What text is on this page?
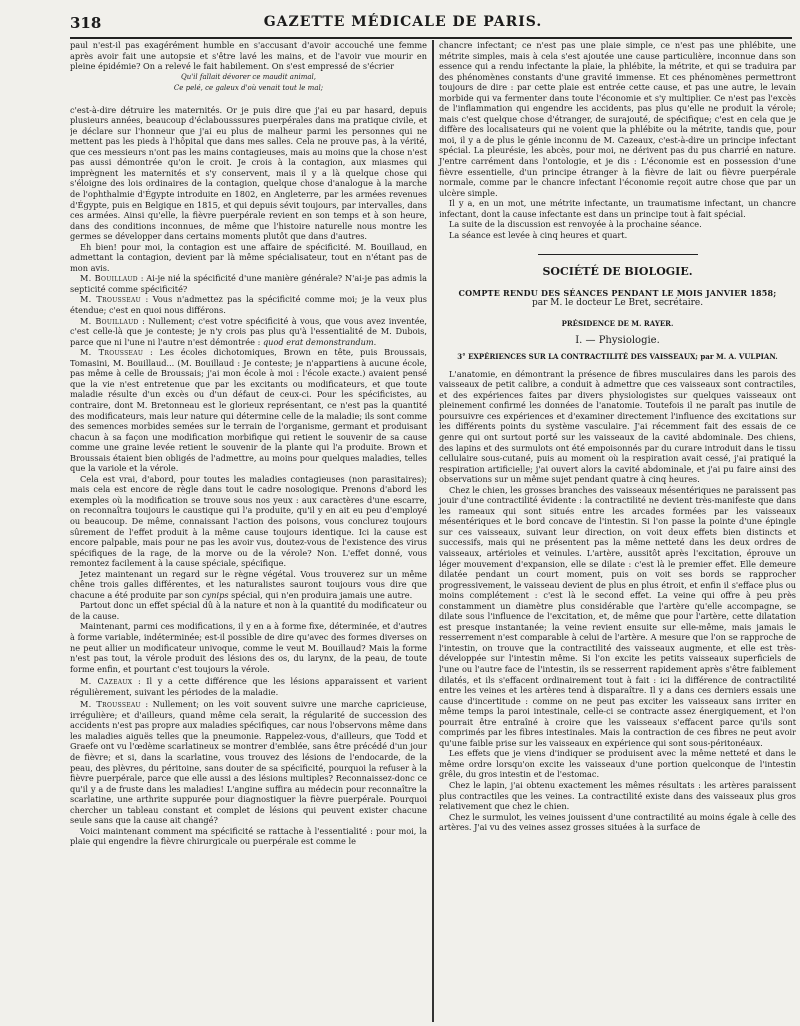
318	GAZETTE MÉDICALE DE PARIS.

paul n'est-il pas exagérément humble en s'accusant d'avoir accouché une femme après avoir fait une autopsie et s'être lavé les mains, et de l'avoir vue mourir en pleine épidémie? On a relevé le fait habilement. On s'est empressé de s'écrier

Qu'il fallait dévorer ce maudit animal,

Ce pelé, ce galeux d'où venait tout le mal;

c'est-à-dire détruire les maternités. Or je puis dire que j'ai eu par hasard, depuis plusieurs années, beaucoup d'éclabousssures puerpérales dans ma pratique civile, et je déclare sur l'honneur que j'ai eu plus de malheur parmi les personnes qui ne mettent pas les pieds à l'hôpital que dans mes salles. Cela ne prouve pas, à la vérité, que ces messieurs n'ont pas les mains contagieuses, mais au moins que la chose n'est pas aussi démontrée qu'on le croit. Je crois à la contagion, aux miasmes qui imprègnent les maternités et s'y conservent, mais il y a là quelque chose qui s'éloigne des lois ordinaires de la contagion, quelque chose d'analogue à la marche de l'ophthalmie d'Égypte introduite en 1802, en Angleterre, par les armées revenues d'Égypte, puis en Belgique en 1815, et qui depuis sévit toujours, par intervalles, dans ces armées. Ainsi qu'elle, la fièvre puerpérale revient en son temps et à son heure, dans des conditions inconnues, de même que l'histoire naturelle nous montre les germes se développer dans certains moments plutôt que dans d'autres.

Eh bien! pour moi, la contagion est une affaire de spécificité. M. Bouillaud, en admettant la contagion, devient par là même spécialisateur, tout en n'étant pas de mon avis.

M. Bouillaud : Ai-je nié la spécificité d'une manière générale? N'ai-je pas admis la septicité comme spécificité?

M. Trousseau : Vous n'admettez pas la spécificité comme moi; je la veux plus étendue; c'est en quoi nous différons.

M. Bouillaud : Nullement; c'est votre spécificité à vous, que vous avez inventée, c'est celle-là que je conteste; je n'y crois pas plus qu'à l'essentialité de M. Dubois, parce que ni l'une ni l'autre n'est démontrée : quod erat demonstrandum.

M. Trousseau : Les écoles dichotomiques, Brown en tête, puis Broussais, Tomasini, M. Bouillaud... (M. Bouillaud : Je conteste; je n'appartiens à aucune école, pas même à celle de Broussais; j'ai mon école à moi : l'école exacte.) avaient pensé que la vie n'est entretenue que par les excitants ou modificateurs, et que toute maladie résulte d'un excès ou d'un défaut de ceux-ci. Pour les spécificistes, au contraire, dont M. Bretonneau est le glorieux représentant, ce n'est pas la quantité des modificateurs, mais leur nature qui détermine celle de la maladie; ils sont comme des semences morbides semées sur le terrain de l'organisme, germant et produisant chacun à sa façon une modification morbifique qui retient le souvenir de sa cause comme une graine levée retient le souvenir de la plante qui l'a produite. Brown et Broussais étaient bien obligés de l'admettre, au moins pour quelques maladies, telles que la variole et la vérole.

Cela est vrai, d'abord, pour toutes les maladies contagieuses (non parasitaires); mais cela est encore de règle dans tout le cadre nosologique. Prenons d'abord les exemples où la modification se trouve sous nos yeux : aux caractères d'une escarre, on reconnaîtra toujours le caustique qui l'a produite, qu'il y en ait eu peu d'employé ou beaucoup. De même, connaissant l'action des poisons, vous conclurez toujours sûrement de l'effet produit à la même cause toujours identique. Ici la cause est encore palpable, mais pour ne pas les avoir vus, doutez-vous de l'existence des virus spécifiques de la rage, de la morve ou de la vérole? Non. L'effet donné, vous remontez facilement à la cause spéciale, spécifique.

Jetez maintenant un regard sur le règne végétal. Vous trouverez sur un même chêne trois galles différentes, et les naturalistes sauront toujours vous dire que chacune a été produite par son cynips spécial, qui n'en produira jamais une autre.

Partout donc un effet spécial dû à la nature et non à la quantité du modificateur ou de la cause.

Maintenant, parmi ces modifications, il y en a à forme fixe, déterminée, et d'autres à forme variable, indéterminée; est-il possible de dire qu'avec des formes diverses on ne peut allier un modificateur univoque, comme le veut M. Bouillaud? Mais la forme n'est pas tout, la vérole produit des lésions des os, du larynx, de la peau, de toute forme enfin, et pourtant c'est toujours la vérole.

M. Cazeaux : Il y a cette différence que les lésions apparaissent et varient régulièrement, suivant les périodes de la maladie.

M. Trousseau : Nullement; on les voit souvent suivre une marche capricieuse, irrégulière; et d'ailleurs, quand même cela serait, la régularité de succession des accidents n'est pas propre aux maladies spécifiques, car nous l'observons même dans les maladies aiguës telles que la pneumonie. Rappelez-vous, d'ailleurs, que Todd et Graefe ont vu l'œdème scarlatineux se montrer d'emblée, sans être précédé d'un jour de fièvre; et si, dans la scarlatine, vous trouvez des lésions de l'endocarde, de la peau, des plèvres, du péritoine, sans douter de sa spécificité, pourquoi la refuser à la fièvre puerpérale, parce que elle aussi a des lésions multiples? Reconnaissez-donc ce qu'il y a de fruste dans les maladies! L'angine suffira au médecin pour reconnaître la scarlatine, une arthrite suppurée pour diagnostiquer la fièvre puerpérale. Pourquoi chercher un tableau constant et complet de lésions qui peuvent exister chacune seule sans que la cause ait changé?

Voici maintenant comment ma spécificité se rattache à l'essentialité : pour moi, la plaie qui engendre la fièvre chirurgicale ou puerpérale est comme le

chancre infectant; ce n'est pas une plaie simple, ce n'est pas une phlébite, une métrite simples, mais à cela s'est ajoutée une cause particulière, inconnue dans son essence qui a rendu infectante la plaie, la phlébite, la métrite, et qui se traduira par des phénomènes constants d'une gravité immense. Et ces phénomènes permettront toujours de dire : par cette plaie est entrée cette cause, et pas une autre, le levain morbide qui va fermenter dans toute l'économie et s'y multiplier. Ce n'est pas l'excès de l'inflammation qui engendre les accidents, pas plus qu'elle ne produit la vérole; mais c'est quelque chose d'étranger, de surajouté, de spécifique; c'est en cela que je diffère des localisateurs qui ne voient que la phlébite ou la métrite, tandis que, pour moi, il y a de plus le génie inconnu de M. Cazeaux, c'est-à-dire un principe infectant spécial. La pleurésie, les abcès, pour moi, ne dérivent pas du pus charrié en nature. J'entre carrément dans l'ontologie, et je dis : L'économie est en possession d'une fièvre essentielle, d'un principe étranger à la fièvre de lait ou fièvre puerpérale normale, comme par le chancre infectant l'économie reçoit autre chose que par un ulcère simple.

Il y a, en un mot, une métrite infectante, un traumatisme infectant, un chancre infectant, dont la cause infectante est dans un principe tout à fait spécial.

La suite de la discussion est renvoyée à la prochaine séance.

La séance est levée à cinq heures et quart.

SOCIÉTÉ DE BIOLOGIE.

COMPTE RENDU DES SÉANCES PENDANT LE MOIS JANVIER 1858;

par M. le docteur Le Bret, secrétaire.

PRÉSIDENCE DE M. RAYER.

I. — Physiologie.

3° EXPÉRIENCES SUR LA CONTRACTILITÉ DES VAISSEAUX; par M. A. VULPIAN.

L'anatomie, en démontrant la présence de fibres musculaires dans les parois des vaisseaux de petit calibre, a conduit à admettre que ces vaisseaux sont contractiles, et des expériences faites par divers physiologistes sur quelques vaisseaux ont pleinement confirmé les données de l'anatomie. Toutefois il ne paraît pas inutile de poursuivre ces expériences et d'examiner directement l'influence des excitations sur les différents points du système vasculaire. J'ai récemment fait des essais de ce genre qui ont surtout porté sur les vaisseaux de la cavité abdominale. Des chiens, des lapins et des surmulots ont été empoisonnés par du curare introduit dans le tissu cellulaire sous-cutané, puis au moment où la respiration avait cessé, j'ai pratiqué la respiration artificielle; j'ai ouvert alors la cavité abdominale, et j'ai pu faire ainsi des observations sur un même sujet pendant quatre à cinq heures.

Chez le chien, les grosses branches des vaisseaux mésentériques ne paraissent pas jouir d'une contractilité évidente : la contractilité ne devient très-manifeste que dans les rameaux qui sont situés entre les arcades formées par les vaisseaux mésentériques et le bord concave de l'intestin. Si l'on passe la pointe d'une épingle sur ces vaisseaux, suivant leur direction, on voit deux effets bien distincts et successifs, mais qui ne présentent pas la même netteté dans les deux ordres de vaisseaux, artérioles et veinules. L'artère, aussitôt après l'excitation, éprouve un léger mouvement d'expansion, elle se dilate : c'est là le premier effet. Elle demeure dilatée pendant un court moment, puis on voit ses bords se rapprocher progressivement, le vaisseau devient de plus en plus étroit, et enfin il s'efface plus ou moins complétement : c'est là le second effet. La veine qui offre à peu près constamment un diamètre plus considérable que l'artère qu'elle accompagne, se dilate sous l'influence de l'excitation, et, de même que pour l'artère, cette dilatation est presque instantanée; la veine revient ensuite sur elle-même, mais jamais le resserrement n'est comparable à celui de l'artère. A mesure que l'on se rapproche de l'intestin, on trouve que la contractilité des vaisseaux augmente, et elle est très-développée sur l'intestin même. Si l'on excite les petits vaisseaux superficiels de l'une ou l'autre face de l'intestin, ils se resserrent rapidement après s'être faiblement dilatés, et ils s'effacent ordinairement tout à fait : ici la différence de contractilité entre les veines et les artères tend à disparaître. Il y a dans ces derniers essais une cause d'incertitude : comme on ne peut pas exciter les vaisseaux sans irriter en même temps la paroi intestinale, celle-ci se contracte assez énergiquement, et l'on pourrait être entraîné à croire que les vaisseaux s'effacent parce qu'ils sont comprimés par les fibres intestinales. Mais la contraction de ces fibres ne peut avoir qu'une faible prise sur les vaisseaux en expérience qui sont sous-péritonéaux.

Les effets que je viens d'indiquer se produisent avec la même netteté et dans le même ordre lorsqu'on excite les vaisseaux d'une portion quelconque de l'intestin grêle, du gros intestin et de l'estomac.

Chez le lapin, j'ai obtenu exactement les mêmes résultats : les artères paraissent plus contractiles que les veines. La contractilité existe dans des vaisseaux plus gros relativement que chez le chien.

Chez le surmulot, les veines jouissent d'une contractilité au moins égale à celle des artères. J'ai vu des veines assez grosses situées à la surface de
